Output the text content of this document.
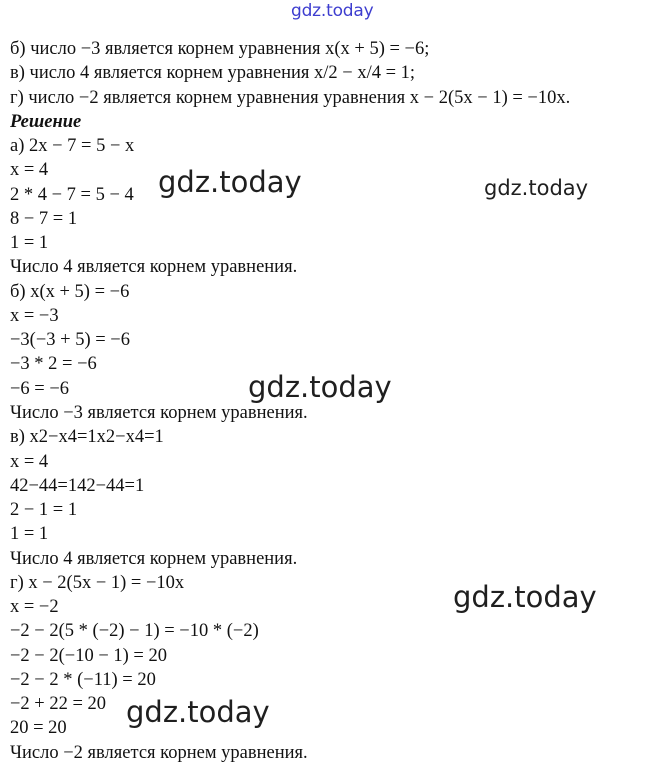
gdz.today
б) число −3 является корнем уравнения x(x + 5) = −6;
в) число 4 является корнем уравнения x/2 − x/4 = 1;
г) число −2 является корнем уравнения уравнения x − 2(5x − 1) = −10x.
Решение
а) 2x − 7 = 5 − x
x = 4
2 * 4 − 7 = 5 − 4
8 − 7 = 1
1 = 1
Число 4 является корнем уравнения.
б) x(x + 5) = −6
x = −3
−3(−3 + 5) = −6
−3 * 2 = −6
−6 = −6
Число −3 является корнем уравнения.
в) x2−x4=1x2−x4=1
x = 4
42−44=142−44=1
2 − 1 = 1
1 = 1
Число 4 является корнем уравнения.
г) x − 2(5x − 1) = −10x
x = −2
−2 − 2(5 * (−2) − 1) = −10 * (−2)
−2 − 2(−10 − 1) = 20
−2 − 2 * (−11) = 20
−2 + 22 = 20
20 = 20
Число −2 является корнем уравнения.
gdz.today	gdz.today
gdz.today
gdz.today
gdz.today
